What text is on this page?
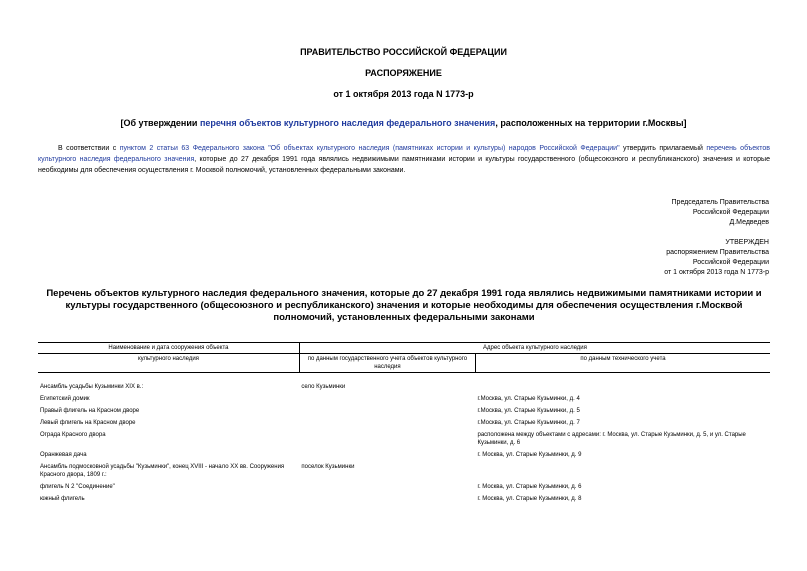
ПРАВИТЕЛЬСТВО РОССИЙСКОЙ ФЕДЕРАЦИИ
РАСПОРЯЖЕНИЕ
от 1 октября 2013 года N 1773-р
[Об утверждении перечня объектов культурного наследия федерального значения, расположенных на территории г.Москвы]
В соответствии с пунктом 2 статьи 63 Федерального закона "Об объектах культурного наследия (памятниках истории и культуры) народов Российской Федерации" утвердить прилагаемый перечень объектов культурного наследия федерального значения, которые до 27 декабря 1991 года являлись недвижимыми памятниками истории и культуры государственного (общесоюзного и республиканского) значения и которые необходимы для обеспечения осуществления г. Москвой полномочий, установленных федеральными законами.
Председатель Правительства
Российской Федерации
Д.Медведев
УТВЕРЖДЕН
распоряжением Правительства
Российской Федерации
от 1 октября 2013 года N 1773-р
Перечень объектов культурного наследия федерального значения, которые до 27 декабря 1991 года являлись недвижимыми памятниками истории и культуры государственного (общесоюзного и республиканского) значения и которые необходимы для обеспечения осуществления г.Москвой полномочий, установленных федеральными законами
Наименование и дата сооружения объекта	Адрес объекта культурного наследия	
культурного наследия	по данным государственного учета объектов культурного наследия	по данным технического учета

Ансамбль усадьбы Кузьминки XIX в.:	село Кузьминки	
Египетский домик		г.Москва, ул. Старые Кузьминки, д. 4
Правый флигель на Красном дворе		г.Москва, ул. Старые Кузьминки, д. 5
Левый флигель на Красном дворе		г.Москва, ул. Старые Кузьминки, д. 7
Ограда Красного двора		расположена между объектами с адресами: г. Москва, ул. Старые Кузьминки, д. 5, и ул. Старые Кузьминки, д. 6
Оранжевая дача		г. Москва, ул. Старые Кузьминки, д. 9
Ансамбль подмосковной усадьбы "Кузьминки", конец XVIII - начало XX вв. Сооружения Красного двора, 1809 г.:	поселок Кузьминки	
флигель N 2 "Соединение"		г. Москва, ул. Старые Кузьминки, д. 6
южный флигель		г. Москва, ул. Старые Кузьминки, д. 8
